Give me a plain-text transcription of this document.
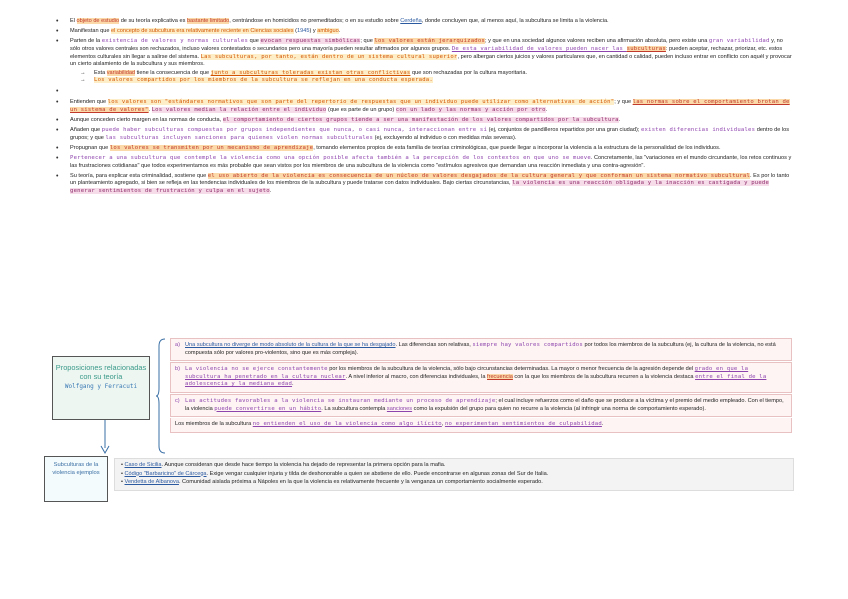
• El objeto de estudio de su teoría explicativa es bastante limitado, centrándose en homicidios no premeditados; o en su estudio sobre Cerdeña, donde concluyen que, al menos aquí, la subcultura se limita a la violencia.
• Manifiestan que el concepto de subcultura era relativamente reciente en Ciencias sociales (1945) y ambiguo.
• Parten de la existencia de valores y normas culturales que evocan respuestas simbólicas; que los valores están jerarquizados; y que en una sociedad algunos valores reciben una afirmación absoluta, pero existe una gran variabilidad y, no sólo otros valores centrales son rechazados, incluso valores contestados o secundarios pero una mayoría pueden resultar afirmados por algunos grupos. De esta variabilidad de valores pueden nacer las subculturas: pueden aceptar, rechazar, priorizar, etc. estos elementos culturales sin llegar a salirse del sistema. Las subculturas, por tanto, están dentro de un sistema cultural superior, pero albergan ciertos juicios y valores particulares que, en cantidad o calidad, pueden incluso entrar en conflicto con aquél y provocar un cierto aislamiento de la subcultura y sus miembros.
→ Esta variabilidad tiene la consecuencia de que junto a subculturas toleradas existan otras conflictivas que son rechazadas por la cultura mayoritaria.
→ Los valores compartidos por los miembros de la subcultura se reflejan en una conducta esperada.
•
• Entienden que los valores son "estándares normativos que son parte del repertorio de respuestas que un individuo puede utilizar como alternativas de acción"; y que las normas sobre el comportamiento brotan de un sistema de valores". Los valores median la relación entre el individuo (que es parte de un grupo) con un lado y las normas y acción por otro.
• Aunque conceden cierto margen en las normas de conducta, el comportamiento de ciertos grupos tiende a ser una manifestación de los valores compartidos por la subcultura.
• Añaden que puede haber subculturas compuestas por grupos independientes que nunca, o casi nunca, interaccionan entre sí (ej, conjuntos de pandilleros repartidos por una gran ciudad); existen diferencias individuales dentro de los grupos; y que las subculturas incluyen sanciones para quienes violen normas subculturales (ej, excluyendo al individuo o con medidas más severas).
• Propugnan que los valores se transmiten por un mecanismo de aprendizaje, tomando elementos propios de esta familia de teorías criminológicas, que puede llegar a incorporar la violencia a la estructura de la personalidad de los individuos.
• Pertenecer a una subcultura que contemple la violencia como una opción posible afecta también a la percepción de los contextos en que uno se mueve. Concretamente, las "variaciones en el mundo circundante, los retos continuos y las frustraciones cotidianas" que todos experimentamos es más probable que sean vistos por los miembros de una subcultura de la violencia como "estímulos agresivos que demandan una reacción inmediata y una contra-agresión".
• Su teoría, para explicar esta criminalidad, sostiene que el uso abierto de la violencia es consecuencia de un núcleo de valores desgajados de la cultura general y que conforman un sistema normativo subcultural. Es por lo tanto un planteamiento agregado, si bien se refleja en las tendencias individuales de los miembros de la subcultura y puede tratarse con datos individuales. Bajo ciertas circunstancias, la violencia es una reacción obligada y la inacción es castigada y puede generar sentimientos de frustración y culpa en el sujeto.
Proposiciones relacionadas con su teoría
Wolfgang y Ferracuti
a) Una subcultura no diverge de modo absoluto de la cultura de la que se ha desgajado. Las diferencias son relativas, siempre hay valores compartidos por todos los miembros de la subcultura (ej, la cultura de la violencia, no está compuesta sólo por valores pro-violentos, sino que es más compleja).
b) La violencia no se ejerce constantemente por los miembros de la subcultura de la violencia, sólo bajo circunstancias determinadas. La mayor o menor frecuencia de la agresión depende del grado en que la subcultura ha penetrado en la cultura nuclear. A nivel inferior al macro, con diferencias individuales, la frecuencia con la que los miembros de la subcultura recurren a la violencia destaca entre el final de la adolescencia y la mediana edad.
c) Las actitudes favorables a la violencia se instauran mediante un proceso de aprendizaje; el cual incluye refuerzos como el daño que se produce a la víctima y el premio del medio empleado. Con el tiempo, la violencia puede convertirse en un hábito. La subcultura contempla sanciones como la expulsión del grupo para quien no recurre a la violencia (al infringir una norma de comportamiento esperado).
Los miembros de la subcultura no entienden el uso de la violencia como algo ilícito, no experimentan sentimientos de culpabilidad.
Subculturas de la violencia ejemplos
• Caso de Sicilia. Aunque consideran que desde hace tiempo la violencia ha dejado de representar la primera opción para la mafia.
• Código "Barbaricino" de Cárcega. Exige vengar cualquier injuria y tilda de deshonorable a quien se abstiene de ello. Puede encontrarse en algunas zonas del Sur de Italia.
• Vendetta de Albanova. Comunidad aislada próxima a Nápoles en la que la violencia es relativamente frecuente y la venganza un comportamiento socialmente esperado.
